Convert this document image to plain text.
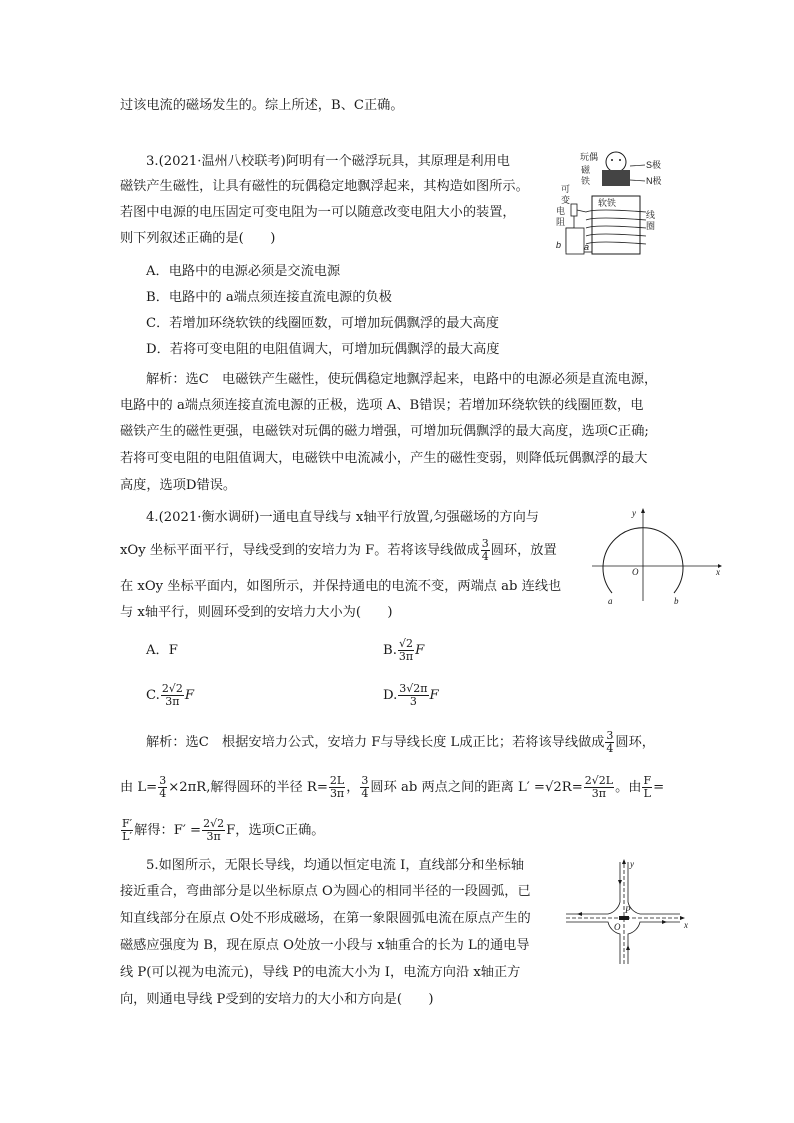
过该电流的磁场发生的。综上所述，B、C正确。
3.(2021·温州八校联考)阿明有一个磁浮玩具，其原理是利用电
磁铁产生磁性，让具有磁性的玩偶稳定地飘浮起来，其构造如图所示。
若图中电源的电压固定可变电阻为一可以随意改变电阻大小的装置，
则下列叙述正确的是(　　)
A．电路中的电源必须是交流电源
B．电路中的 a端点须连接直流电源的负极
C．若增加环绕软铁的线圈匝数，可增加玩偶飘浮的最大高度
D．若将可变电阻的电阻值调大，可增加玩偶飘浮的最大高度
解析：选C　电磁铁产生磁性，使玩偶稳定地飘浮起来，电路中的电源必须是直流电源，
电路中的 a端点须连接直流电源的正极，选项 A、B错误；若增加环绕软铁的线圈匝数，电
磁铁产生的磁性更强，电磁铁对玩偶的磁力增强，可增加玩偶飘浮的最大高度，选项C正确;
若将可变电阻的电阻值调大，电磁铁中电流减小，产生的磁性变弱，则降低玩偶飘浮的最大
高度，选项D错误。
玩偶
磁
铁
S极
N极
可
变
电
阻
软铁
线
圈
b	a
4.(2021·衡水调研)一通电直导线与 x轴平行放置,匀强磁场的方向与
xOy 坐标平面平行，导线受到的安培力为 F。若将该导线做成 $\frac{3}{4}$ 圆环，放置
在 xOy 坐标平面内，如图所示，并保持通电的电流不变，两端点 ab 连线也
与 x轴平行，则圆环受到的安培力大小为(　　)
A．F	B. $\frac{√2}{3\pi}$ F
C. $\frac{2√2}{3\pi}$ F	D. $\frac{3√2\pi}{3}$ F
解析：选C　根据安培力公式，安培力 F与导线长度 L成正比；若将该导线做成 $\frac{3}{4}$ 圆环，
由 $L= \frac{3}{4} \times 2\pi R$,解得圆环的半径 $R= \frac{2L}{3\pi}$ ， $\frac{3}{4}$ 圆环 ab 两点之间的距离 $L' =√2R= \frac{2√2L}{3\pi}$ 。由 $\frac{F}{L}$ =
$\frac{F'}{L'}$ 解得：$F' = \frac{2√2}{3\pi}$ F，选项C正确。
y
x
O
a	b
5.如图所示，无限长导线，均通以恒定电流 I，直线部分和坐标轴
接近重合，弯曲部分是以坐标原点 O为圆心的相同半径的一段圆弧，已
知直线部分在原点 O处不形成磁场，在第一象限圆弧电流在原点产生的
磁感应强度为 B，现在原点 O处放一小段与 x轴重合的长为 L的通电导
线 P(可以视为电流元)，导线 P的电流大小为 I，电流方向沿 x轴正方
向，则通电导线 P受到的安培力的大小和方向是(　　)
y
x
O
P
